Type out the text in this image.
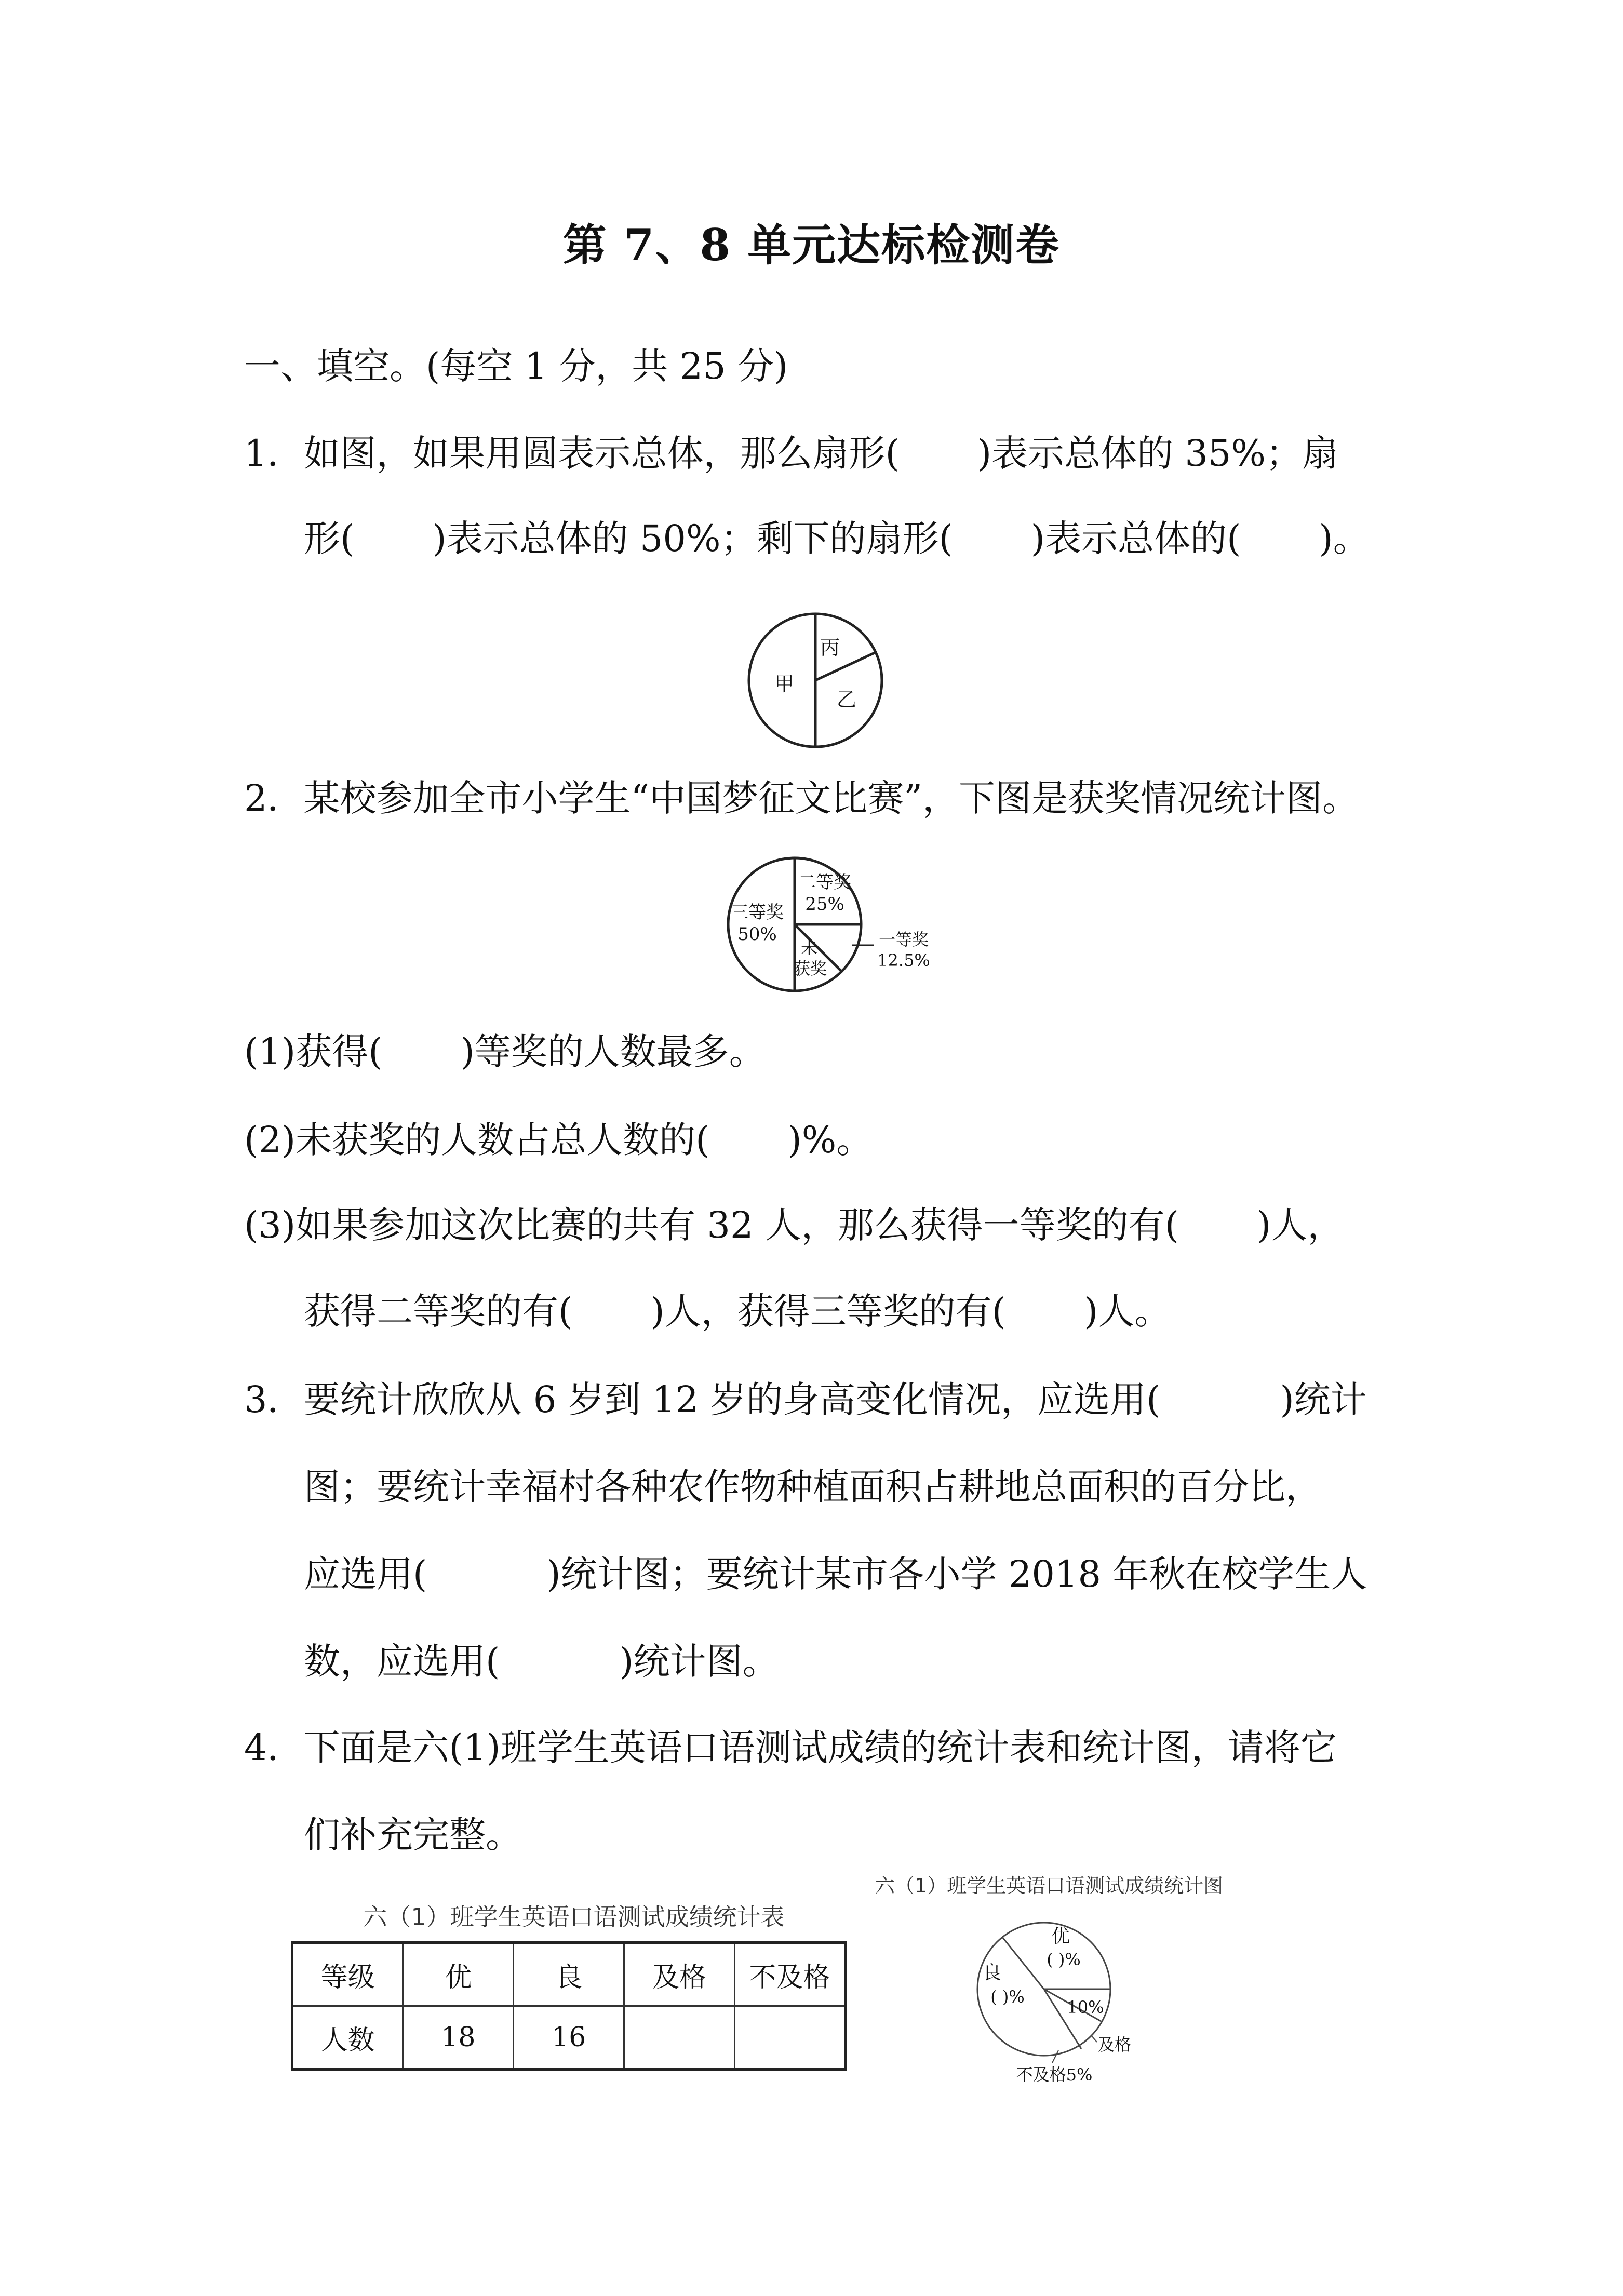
第 7、8 单元达标检测卷
一、填空。(每空 1 分，共 25 分)
1．如图，如果用圆表示总体，那么扇形( )表示总体的 35%；扇
形( )表示总体的 50%；剩下的扇形( )表示总体的( )。
甲
丙
乙
2．某校参加全市小学生“中国梦征文比赛”，下图是获奖情况统计图。
二等奖
25%
三等奖
50%
未
获奖
一等奖
12.5%
(1)获得( )等奖的人数最多。
(2)未获奖的人数占总人数的( )%。
(3)如果参加这次比赛的共有 32 人，那么获得一等奖的有( )人，
获得二等奖的有( )人，获得三等奖的有( )人。
3．要统计欣欣从 6 岁到 12 岁的身高变化情况，应选用(	)统计
图；要统计幸福村各种农作物种植面积占耕地总面积的百分比，
应选用(	)统计图；要统计某市各小学 2018 年秋在校学生人
数，应选用(	)统计图。
4．下面是六(1)班学生英语口语测试成绩的统计表和统计图，请将它
们补充完整。
六（1）班学生英语口语测试成绩统计表
等级	优	良	及格	不及格
人数	18	16		
六（1）班学生英语口语测试成绩统计图
优
( )%
良
( )%
10%
及格
不及格5%
